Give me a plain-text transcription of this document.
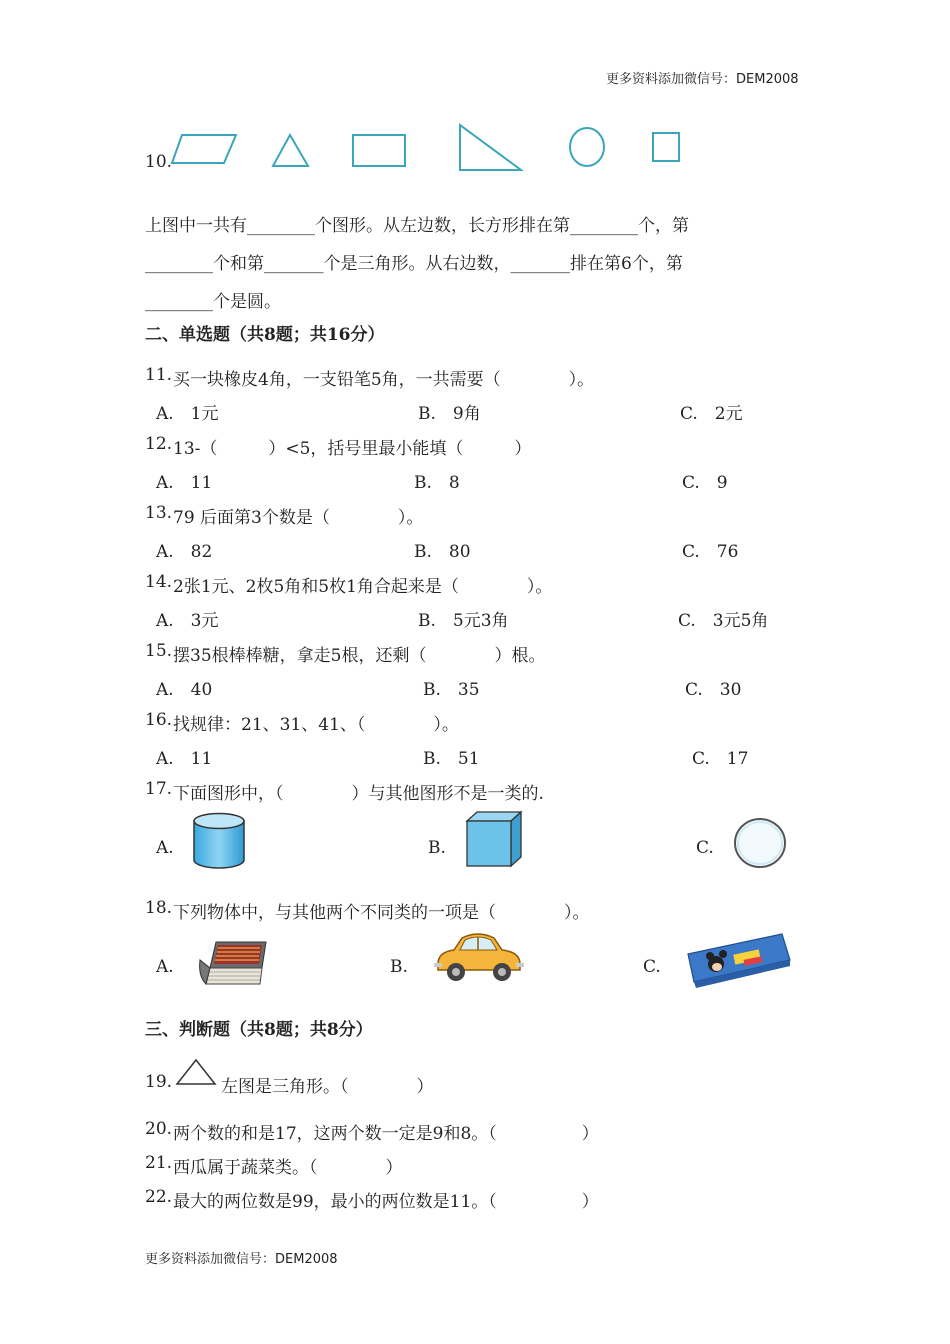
更多资料添加微信号：DEM2008
10.
上图中一共有________个图形。从左边数，长方形排在第________个，第
________个和第_______个是三角形。从右边数，_______排在第6个，第
________个是圆。
二、单选题（共8题；共16分）
11. 买一块橡皮4角，一支铅笔5角，一共需要（　　　　）。
A.　1元	B.　9角	C.　2元
12. 13-（　　　）<5，括号里最小能填（　　　）
A.　11	B.　8	C.　9
13. 79 后面第3个数是（　　　　）。
A.　82	B.　80	C.　76
14. 2张1元、2枚5角和5枚1角合起来是（　　　　）。
A.　3元	B.　5元3角	C.　3元5角
15. 摆35根棒棒糖，拿走5根，还剩（　　　　）根。
A.　40	B.　35	C.　30
16. 找规律：21、31、41、（　　　　）。
A.　11	B.　51	C.　17
17. 下面图形中，（　　　　）与其他图形不是一类的.
A.	B.	C.
18. 下列物体中，与其他两个不同类的一项是（　　　　）。
A.	B.	C.
三、判断题（共8题；共8分）
19.	左图是三角形。（　　　　）
20. 两个数的和是17，这两个数一定是9和8。（　　　　　）
21. 西瓜属于蔬菜类。（　　　　）
22. 最大的两位数是99，最小的两位数是11。（　　　　　）
更多资料添加微信号：DEM2008
